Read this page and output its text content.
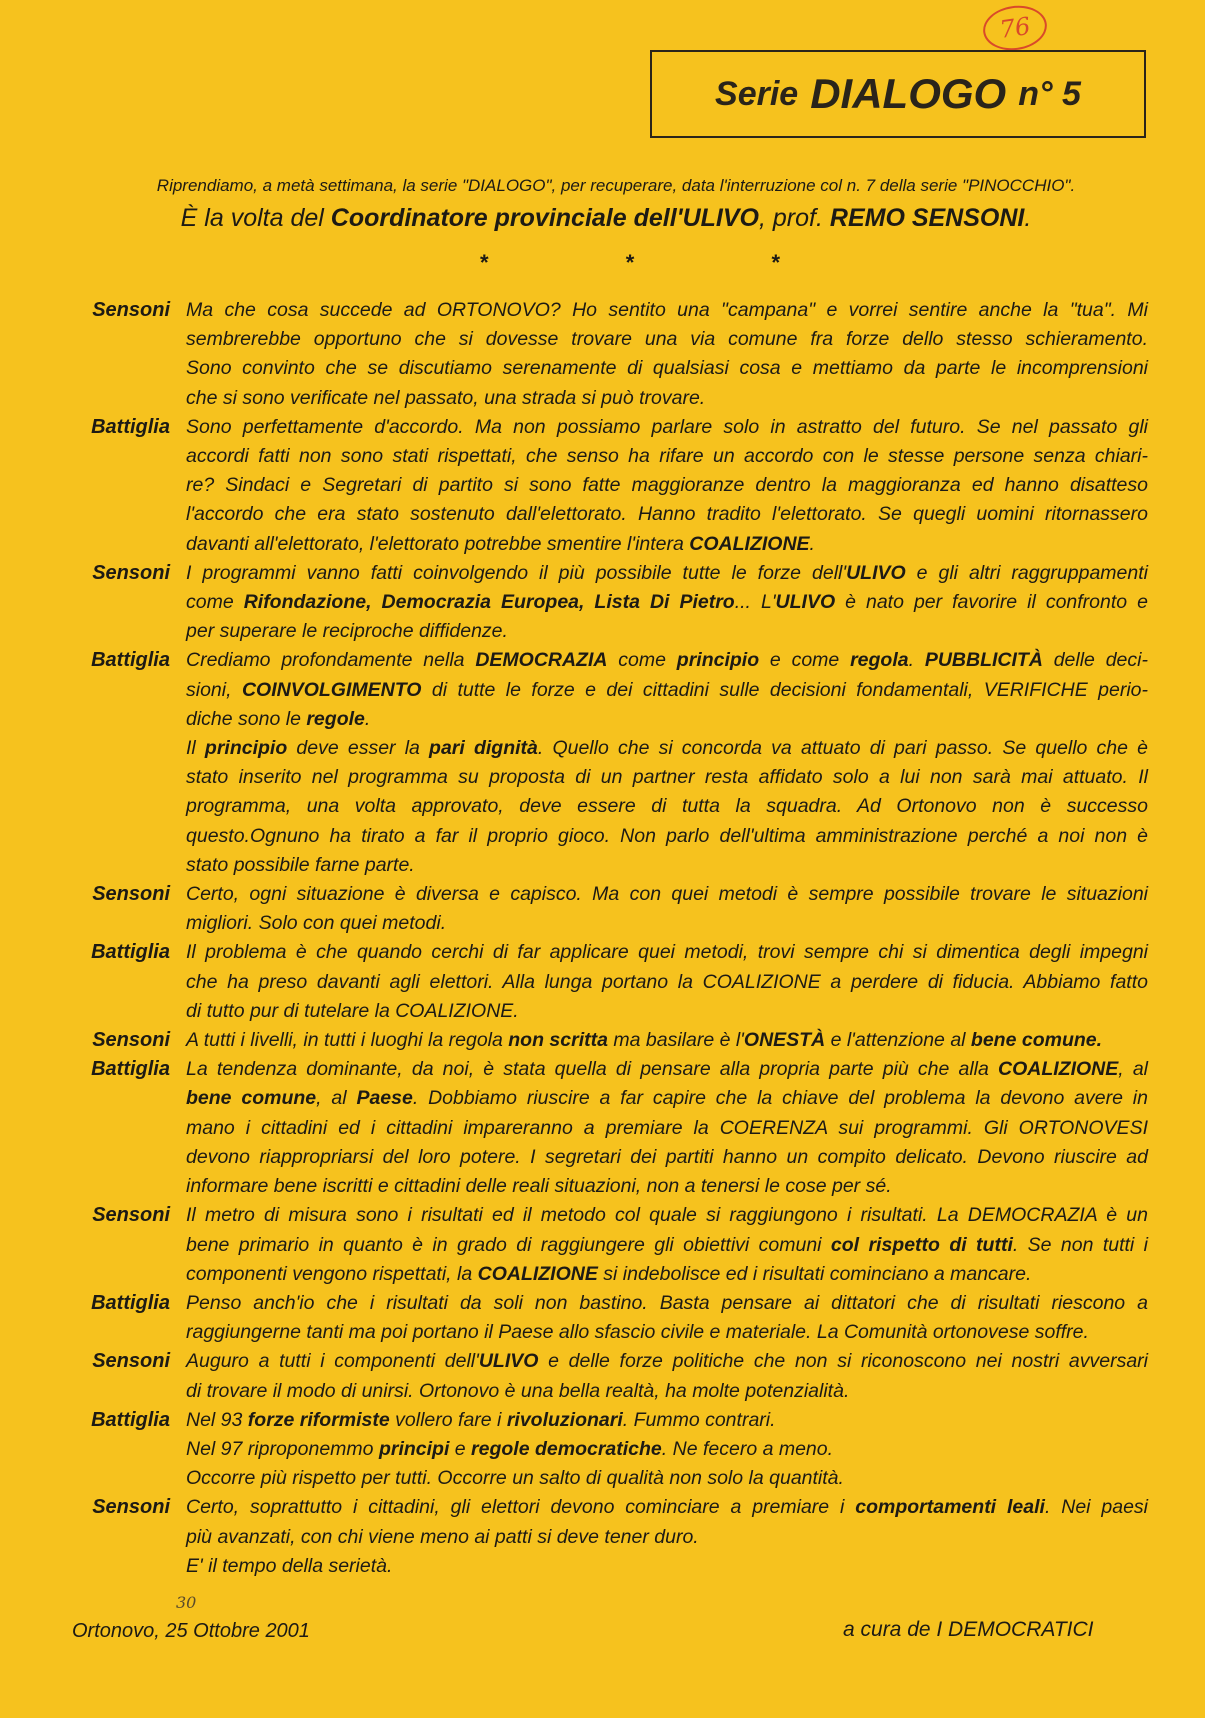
76
Serie DIALOGO n° 5
Riprendiamo, a metà settimana, la serie "DIALOGO", per recuperare, data l'interruzione col n. 7 della serie "PINOCCHIO".
È la volta del Coordinatore provinciale dell'ULIVO, prof. REMO SENSONI.
*	*	*
Sensoni Ma che cosa succede ad ORTONOVO? Ho sentito una "campana" e vorrei sentire anche la "tua". Mi
sembrerebbe opportuno che si dovesse trovare una via comune fra forze dello stesso schieramento.
Sono convinto che se discutiamo serenamente di qualsiasi cosa e mettiamo da parte le incomprensioni
che si sono verificate nel passato, una strada si può trovare.
Battiglia Sono perfettamente d'accordo. Ma non possiamo parlare solo in astratto del futuro. Se nel passato gli
accordi fatti non sono stati rispettati, che senso ha rifare un accordo con le stesse persone senza chiari-
re? Sindaci e Segretari di partito si sono fatte maggioranze dentro la maggioranza ed hanno disatteso
l'accordo che era stato sostenuto dall'elettorato. Hanno tradito l'elettorato. Se quegli uomini ritornassero
davanti all'elettorato, l'elettorato potrebbe smentire l'intera COALIZIONE.
Sensoni I programmi vanno fatti coinvolgendo il più possibile tutte le forze dell'ULIVO e gli altri raggruppamenti
come Rifondazione, Democrazia Europea, Lista Di Pietro... L'ULIVO è nato per favorire il confronto e
per superare le reciproche diffidenze.
Battiglia Crediamo profondamente nella DEMOCRAZIA come principio e come regola. PUBBLICITÀ delle deci-
sioni, COINVOLGIMENTO di tutte le forze e dei cittadini sulle decisioni fondamentali, VERIFICHE perio-
diche sono le regole.
Il principio deve esser la pari dignità. Quello che si concorda va attuato di pari passo. Se quello che è
stato inserito nel programma su proposta di un partner resta affidato solo a lui non sarà mai attuato. Il
programma, una volta approvato, deve essere di tutta la squadra. Ad Ortonovo non è successo
questo.Ognuno ha tirato a far il proprio gioco. Non parlo dell'ultima amministrazione perché a noi non è
stato possibile farne parte.
Sensoni Certo, ogni situazione è diversa e capisco. Ma con quei metodi è sempre possibile trovare le situazioni
migliori. Solo con quei metodi.
Battiglia Il problema è che quando cerchi di far applicare quei metodi, trovi sempre chi si dimentica degli impegni
che ha preso davanti agli elettori. Alla lunga portano la COALIZIONE a perdere di fiducia. Abbiamo fatto
di tutto pur di tutelare la COALIZIONE.
Sensoni A tutti i livelli, in tutti i luoghi la regola non scritta ma basilare è l'ONESTÀ e l'attenzione al bene comune.
Battiglia La tendenza dominante, da noi, è stata quella di pensare alla propria parte più che alla COALIZIONE, al
bene comune, al Paese. Dobbiamo riuscire a far capire che la chiave del problema la devono avere in
mano i cittadini ed i cittadini impareranno a premiare la COERENZA sui programmi. Gli ORTONOVESI
devono riappropriarsi del loro potere. I segretari dei partiti hanno un compito delicato. Devono riuscire ad
informare bene iscritti e cittadini delle reali situazioni, non a tenersi le cose per sé.
Sensoni Il metro di misura sono i risultati ed il metodo col quale si raggiungono i risultati. La DEMOCRAZIA è un
bene primario in quanto è in grado di raggiungere gli obiettivi comuni col rispetto di tutti. Se non tutti i
componenti vengono rispettati, la COALIZIONE si indebolisce ed i risultati cominciano a mancare.
Battiglia Penso anch'io che i risultati da soli non bastino. Basta pensare ai dittatori che di risultati riescono a
raggiungerne tanti ma poi portano il Paese allo sfascio civile e materiale. La Comunità ortonovese soffre.
Sensoni Auguro a tutti i componenti dell'ULIVO e delle forze politiche che non si riconoscono nei nostri avversari
di trovare il modo di unirsi. Ortonovo è una bella realtà, ha molte potenzialità.
Battiglia Nel 93 forze riformiste vollero fare i rivoluzionari. Fummo contrari.
Nel 97 riproponemmo principi e regole democratiche. Ne fecero a meno.
Occorre più rispetto per tutti. Occorre un salto di qualità non solo la quantità.
Sensoni Certo, soprattutto i cittadini, gli elettori devono cominciare a premiare i comportamenti leali. Nei paesi
più avanzati, con chi viene meno ai patti si deve tener duro.
E' il tempo della serietà.
30
Ortonovo, 25 Ottobre 2001	a cura de I DEMOCRATICI
